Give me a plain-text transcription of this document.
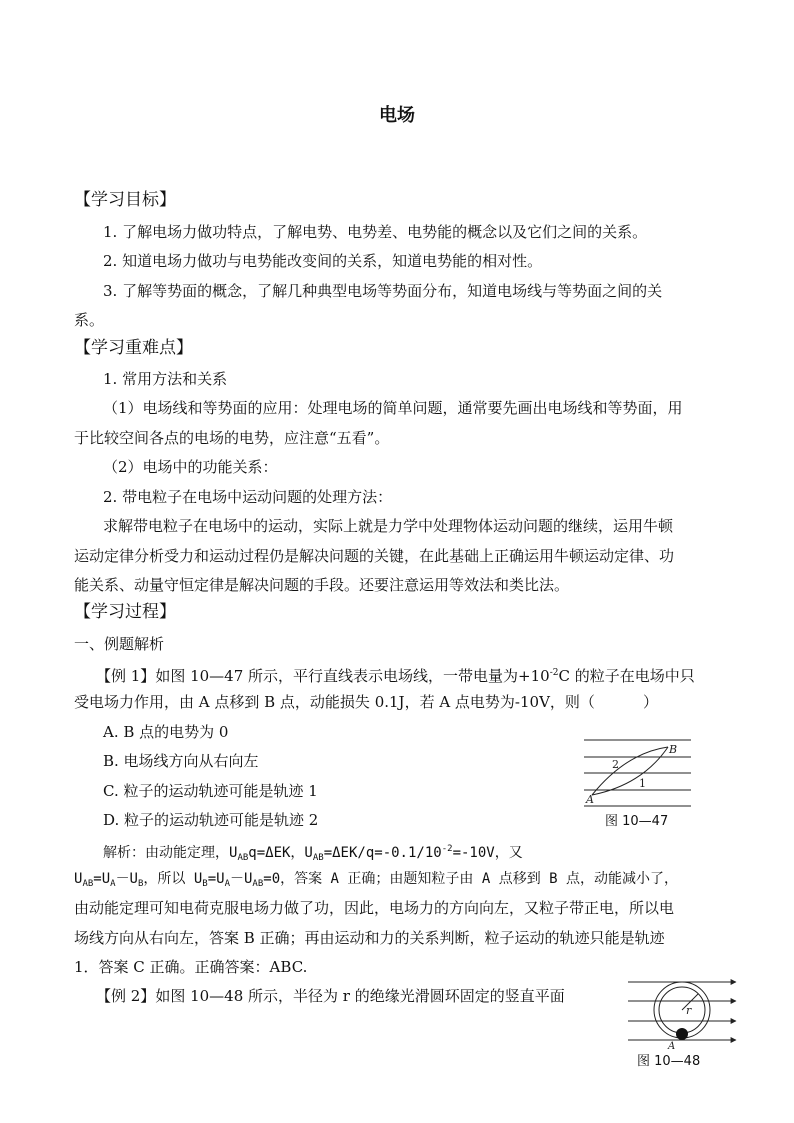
电场
【学习目标】
1. 了解电场力做功特点，了解电势、电势差、电势能的概念以及它们之间的关系。
2. 知道电场力做功与电势能改变间的关系，知道电势能的相对性。
3. 了解等势面的概念，了解几种典型电场等势面分布，知道电场线与等势面之间的关
系。
【学习重难点】
1. 常用方法和关系
（1）电场线和等势面的应用：处理电场的简单问题，通常要先画出电场线和等势面，用
于比较空间各点的电场的电势，应注意“五看”。
（2）电场中的功能关系：
2. 带电粒子在电场中运动问题的处理方法：
求解带电粒子在电场中的运动，实际上就是力学中处理物体运动问题的继续，运用牛顿
运动定律分析受力和运动过程仍是解决问题的关键，在此基础上正确运用牛顿运动定律、功
能关系、动量守恒定律是解决问题的手段。还要注意运用等效法和类比法。
【学习过程】
一、例题解析
【例 1】如图 10—47 所示，平行直线表示电场线，一带电量为$+10^{-2}C$ 的粒子在电场中只
受电场力作用，由 A 点移到 B 点，动能损失 0.1J，若 A 点电势为-10V，则（	）
A. B 点的电势为 0
B. 电场线方向从右向左
C. 粒子的运动轨迹可能是轨迹 1
D. 粒子的运动轨迹可能是轨迹 2
A
B
1
2
图 10—47
解析：由动能定理，$U_{AB}q=\Delta EK$，$U_{AB}=\Delta EK/q=-0.1/10^{-2}=-10V$，又
$U_{AB}=U_A-U_B$，所以 $U_B=U_A-U_{AB}=0$，答案 A 正确；由题知粒子由 A 点移到 B 点，动能减小了，
由动能定理可知电荷克服电场力做了功，因此，电场力的方向向左，又粒子带正电，所以电
场线方向从右向左，答案 B 正确；再由运动和力的关系判断，粒子运动的轨迹只能是轨迹
1．答案 C 正确。正确答案：ABC.
【例 2】如图 10—48 所示，半径为 r 的绝缘光滑圆环固定的竖直平面
r
A
图 10—48
